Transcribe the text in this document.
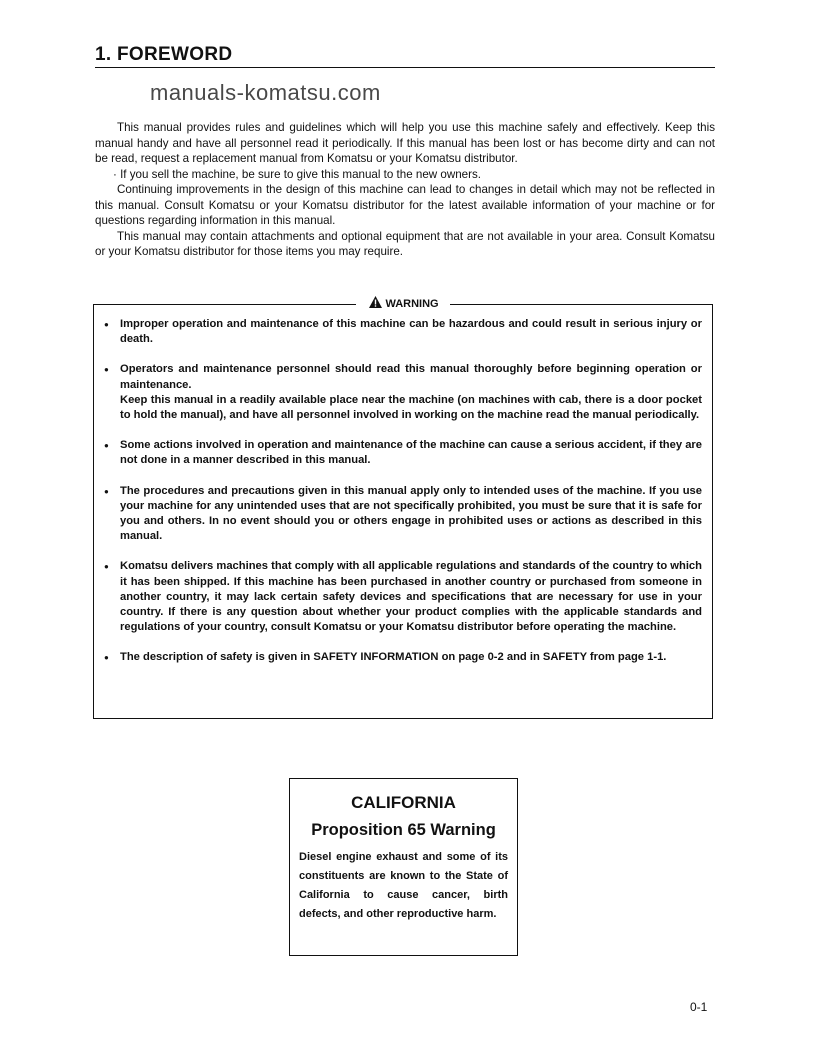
1. FOREWORD
manuals-komatsu.com

This manual provides rules and guidelines which will help you use this machine safely and effectively. Keep this manual handy and have all personnel read it periodically. If this manual has been lost or has become dirty and can not be read, request a replacement manual from Komatsu or your Komatsu distributor.

· If you sell the machine, be sure to give this manual to the new owners.

Continuing improvements in the design of this machine can lead to changes in detail which may not be reflected in this manual. Consult Komatsu or your Komatsu distributor for the latest available information of your machine or for questions regarding information in this manual.

This manual may contain attachments and optional equipment that are not available in your area. Consult Komatsu or your Komatsu distributor for those items you may require.

WARNING

● Improper operation and maintenance of this machine can be hazardous and could result in serious injury or death.

● Operators and maintenance personnel should read this manual thoroughly before beginning operation or maintenance.

Keep this manual in a readily available place near the machine (on machines with cab, there is a door pocket to hold the manual), and have all personnel involved in working on the machine read the manual periodically.

● Some actions involved in operation and maintenance of the machine can cause a serious accident, if they are not done in a manner described in this manual.

● The procedures and precautions given in this manual apply only to intended uses of the machine. If you use your machine for any unintended uses that are not specifically prohibited, you must be sure that it is safe for you and others. In no event should you or others engage in prohibited uses or actions as described in this manual.

● Komatsu delivers machines that comply with all applicable regulations and standards of the country to which it has been shipped. If this machine has been purchased in another country or purchased from someone in another country, it may lack certain safety devices and specifications that are necessary for use in your country. If there is any question about whether your product complies with the applicable standards and regulations of your country, consult Komatsu or your Komatsu distributor before operating the machine.

● The description of safety is given in SAFETY INFORMATION on page 0-2 and in SAFETY from page 1-1.

CALIFORNIA
Proposition 65 Warning
Diesel engine exhaust and some of its constituents are known to the State of California to cause cancer, birth defects, and other reproductive harm.
0-1
